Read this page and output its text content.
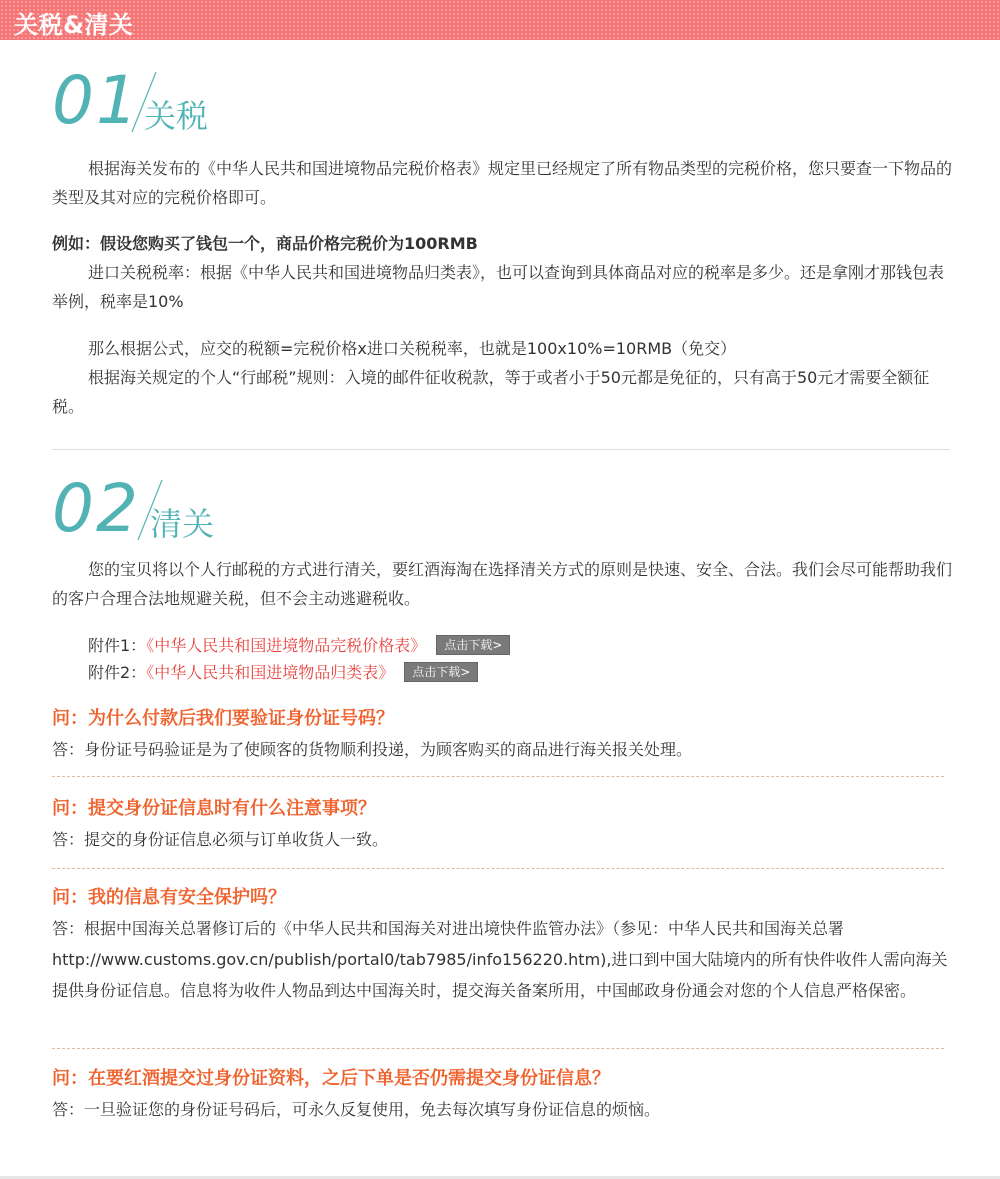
关税&清关
01 关税

根据海关发布的《中华人民共和国进境物品完税价格表》规定里已经规定了所有物品类型的完税价格，您只要查一下物品的类型及其对应的完税价格即可。

例如：假设您购买了钱包一个，商品价格完税价为100RMB

进口关税税率：根据《中华人民共和国进境物品归类表》，也可以查询到具体商品对应的税率是多少。还是拿刚才那钱包表举例，税率是10%

那么根据公式，应交的税额=完税价格x进口关税税率，也就是100x10%=10RMB（免交）

根据海关规定的个人“行邮税”规则：入境的邮件征收税款，等于或者小于50元都是免征的，只有高于50元才需要全额征税。

02 清关

您的宝贝将以个人行邮税的方式进行清关，要红酒海淘在选择清关方式的原则是快速、安全、合法。我们会尽可能帮助我们的客户合理合法地规避关税，但不会主动逃避税收。

附件1：《中华人民共和国进境物品完税价格表》 点击下载>
附件2：《中华人民共和国进境物品归类表》 点击下载>

问：为什么付款后我们要验证身份证号码？

答：身份证号码验证是为了使顾客的货物顺利投递，为顾客购买的商品进行海关报关处理。

问：提交身份证信息时有什么注意事项？

答：提交的身份证信息必须与订单收货人一致。

问：我的信息有安全保护吗？

答：根据中国海关总署修订后的《中华人民共和国海关对进出境快件监管办法》（参见：中华人民共和国海关总署 http://www.customs.gov.cn/publish/portal0/tab7985/info156220.htm),进口到中国大陆境内的所有快件收件人需向海关提供身份证信息。信息将为收件人物品到达中国海关时，提交海关备案所用，中国邮政身份通会对您的个人信息严格保密。

问：在要红酒提交过身份证资料，之后下单是否仍需提交身份证信息？

答：一旦验证您的身份证号码后，可永久反复使用，免去每次填写身份证信息的烦恼。
